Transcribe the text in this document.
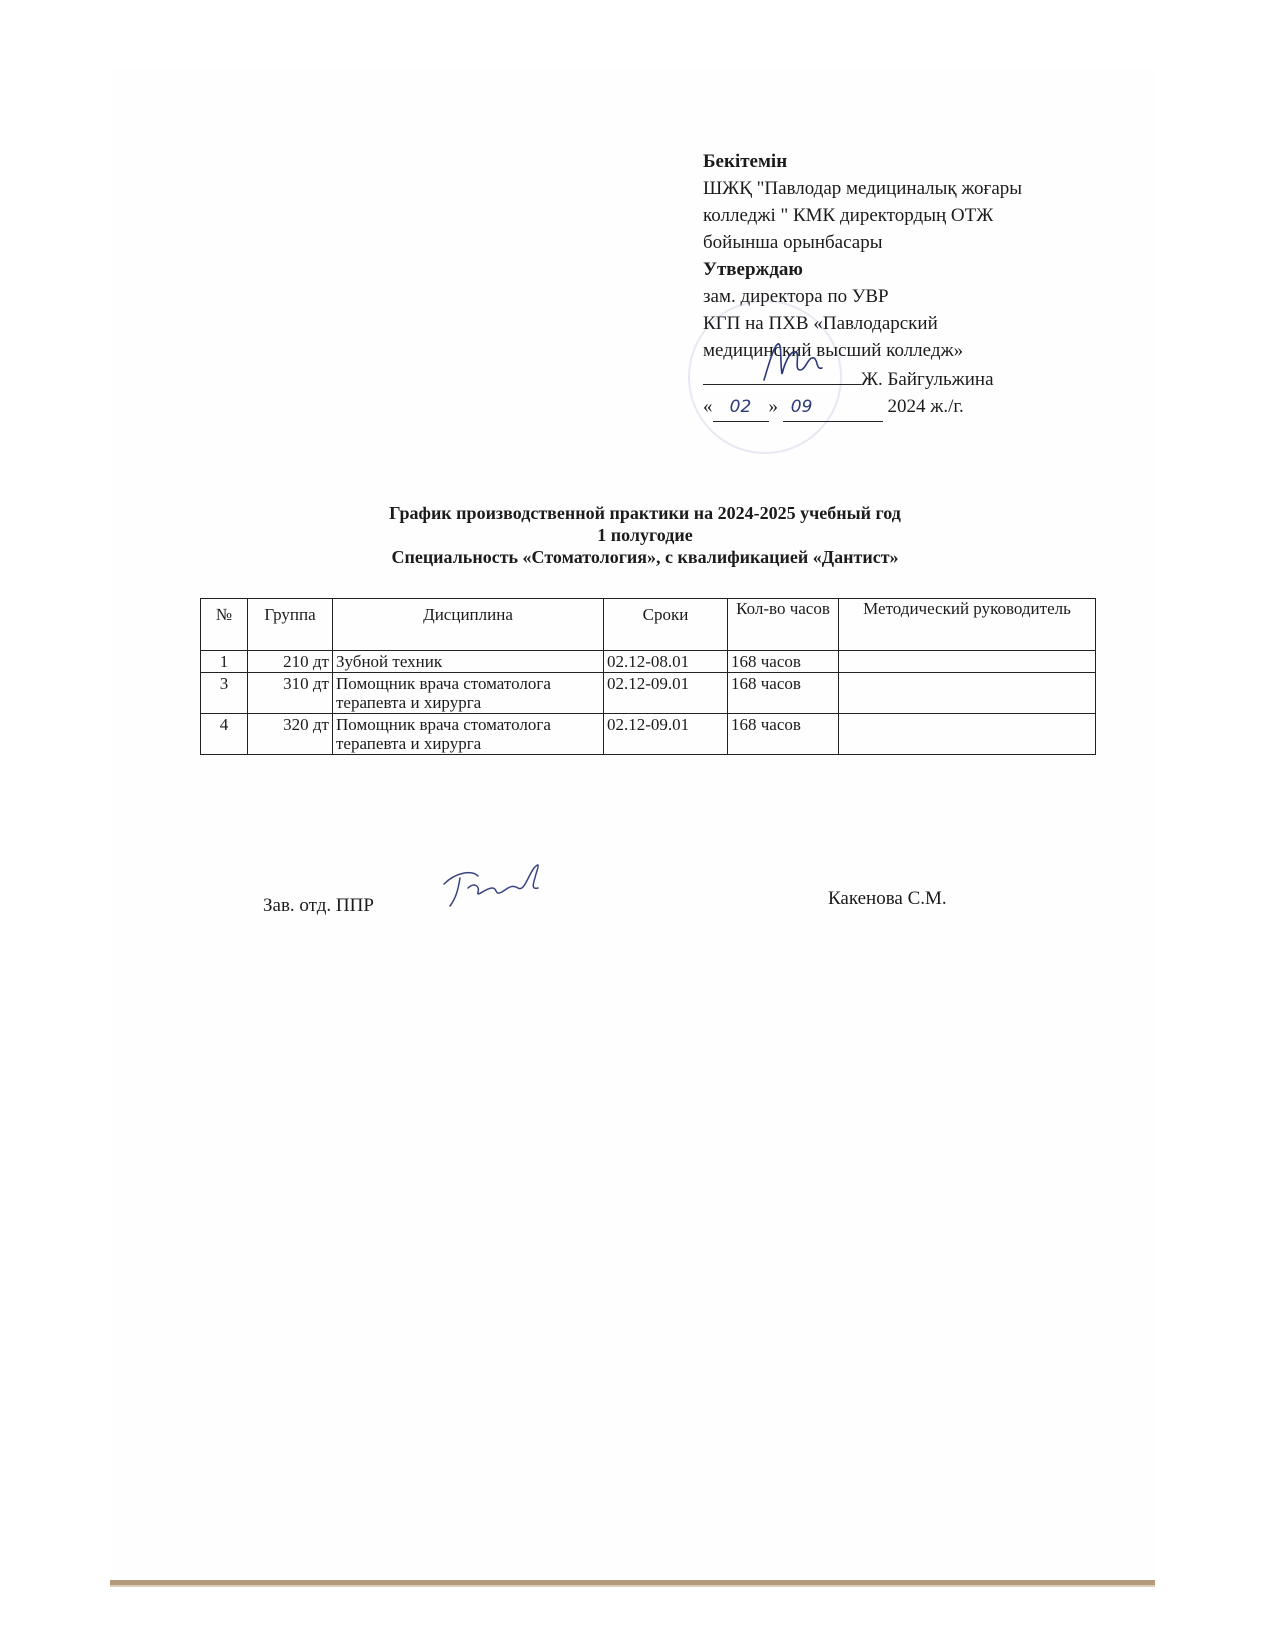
Бекітемін
ШЖҚ "Павлодар медициналық жоғары
колледжі " КМК директордың ОТЖ
бойынша орынбасары
Утверждаю
зам. директора по УВР
КГП на ПХВ «Павлодарский
медицинский высший колледж»
Ж. Байгульжина
« 02 » 09	2024 ж./г.
График производственной практики на 2024-2025 учебный год
1 полугодие
Специальность «Стоматология», с квалификацией «Дантист»
№	Группа	Дисциплина	Сроки	Кол-во часов	Методический руководитель
1	210 дт	Зубной техник	02.12-08.01	168 часов	
3	310 дт	Помощник врача стоматолога терапевта и хирурга	02.12-09.01	168 часов	
4	320 дт	Помощник врача стоматолога терапевта и хирурга	02.12-09.01	168 часов	
Зав. отд. ППР	Какенова С.М.
